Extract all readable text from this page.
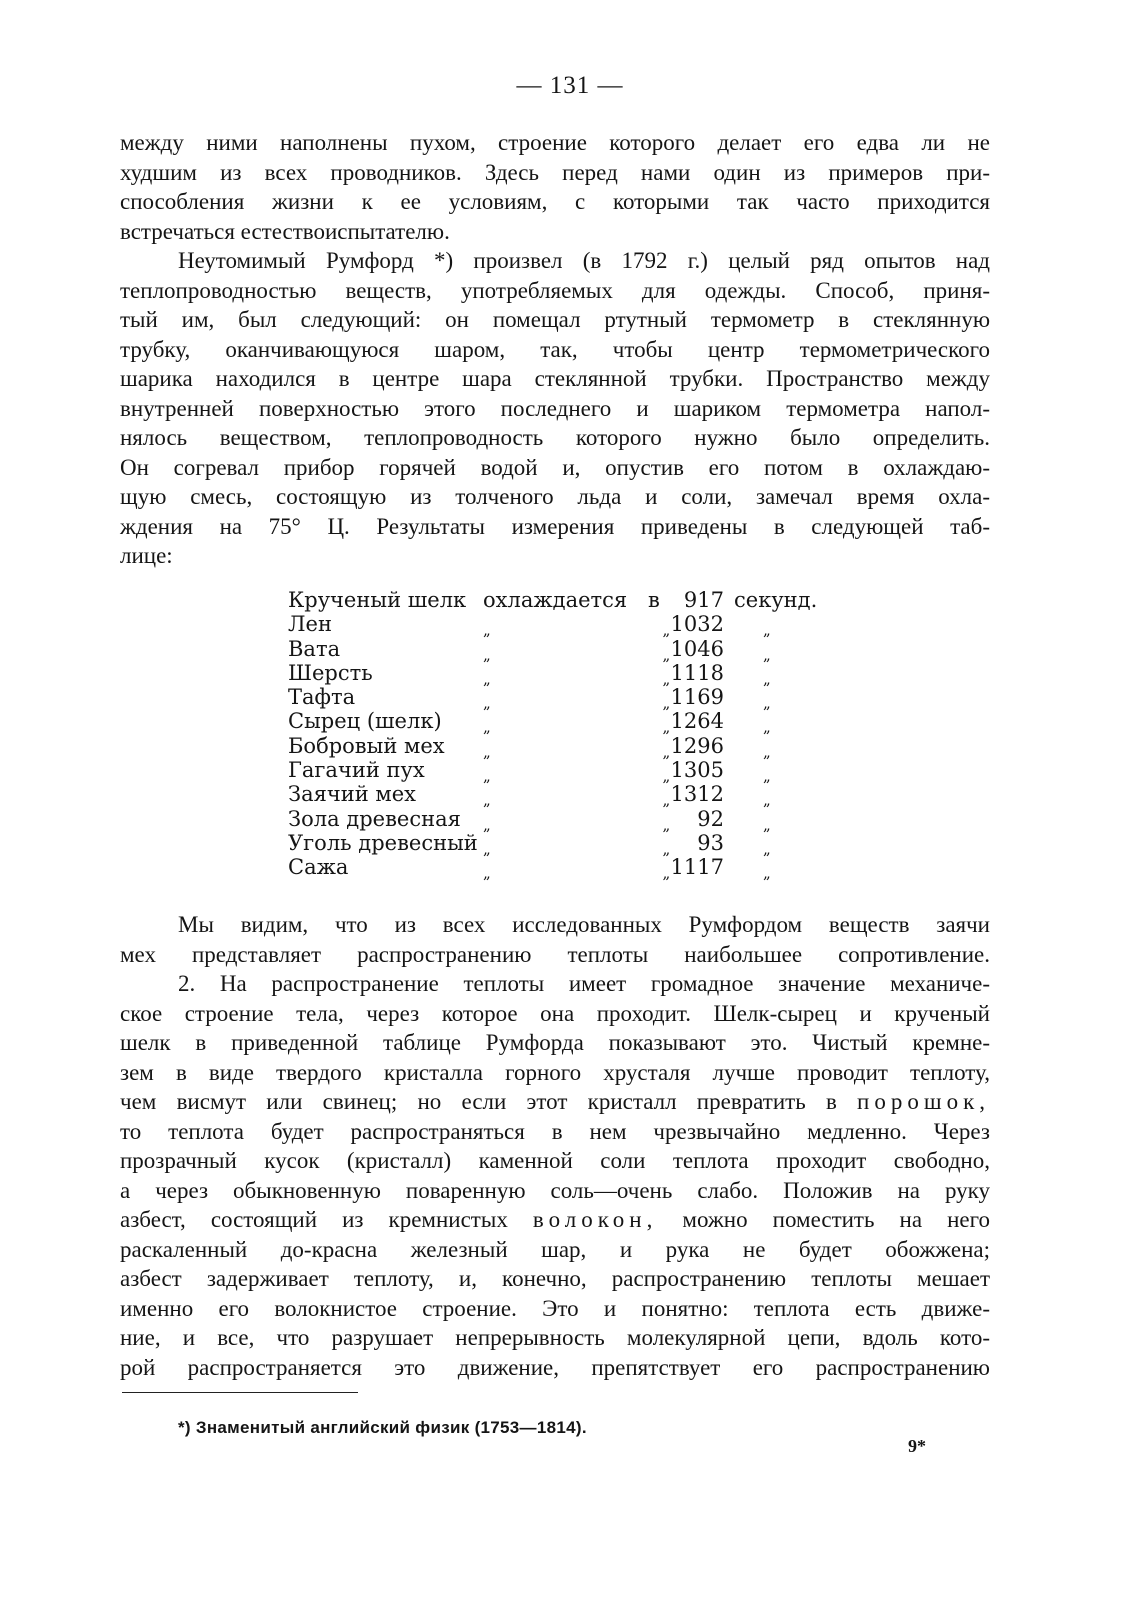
— 131 —
между ними наполнены пухом, строение которого делает его едва ли не
худшим из всех проводников. Здесь перед нами один из примеров при-
способления жизни к ее условиям, с которыми так часто приходится
встречаться естествоиспытателю.
Неутомимый Румфорд *) произвел (в 1792 г.) целый ряд опытов над
теплопроводностью веществ, употребляемых для одежды. Способ, приня-
тый им, был следующий: он помещал ртутный термометр в стеклянную
трубку, оканчивающуюся шаром, так, чтобы центр термометрического
шарика находился в центре шара стеклянной трубки. Пространство между
внутренней поверхностью этого последнего и шариком термометра напол-
нялось веществом, теплопроводность которого нужно было определить.
Он согревал прибор горячей водой и, опустив его потом в охлаждаю-
щую смесь, состоящую из толченого льда и соли, замечал время охла-
ждения на 75° Ц. Результаты измерения приведены в следующей таб-
лице:
Крученый шелк охлаждается в	917 секунд.
Лен	„	„ 1032	„
Вата	„	„ 1046	„
Шерсть	„	„ 1118	„
Тафта	„	„ 1169	„
Сырец (шелк)	„	„ 1264	„
Бобровый мех	„	„ 1296	„
Гагачий пух	„	„ 1305	„
Заячий мех	„	„ 1312	„
Зола древесная „	„	92	„
Уголь древесный „	„	93	„
Сажа	„	„ 1117	„
Мы видим, что из всех исследованных Румфордом веществ заячи
мех представляет распространению теплоты наибольшее сопротивление.
2. На распространение теплоты имеет громадное значение механиче-
ское строение тела, через которое она проходит. Шелк-сырец и крученый
шелк в приведенной таблице Румфорда показывают это. Чистый кремне-
зем в виде твердого кристалла горного хрусталя лучше проводит теплоту,
чем висмут или свинец; но если этот кристалл превратить в порошок,
то теплота будет распространяться в нем чрезвычайно медленно. Через
прозрачный кусок (кристалл) каменной соли теплота проходит свободно,
а через обыкновенную поваренную соль—очень слабо. Положив на руку
азбест, состоящий из кремнистых волокон, можно поместить на него
раскаленный до-красна железный шар, и рука не будет обожжена;
азбест задерживает теплоту, и, конечно, распространению теплоты мешает
именно его волокнистое строение. Это и понятно: теплота есть движе-
ние, и все, что разрушает непрерывность молекулярной цепи, вдоль кото-
рой распространяется это движение, препятствует его распространению
*) Знаменитый английский физик (1753—1814).
9*
